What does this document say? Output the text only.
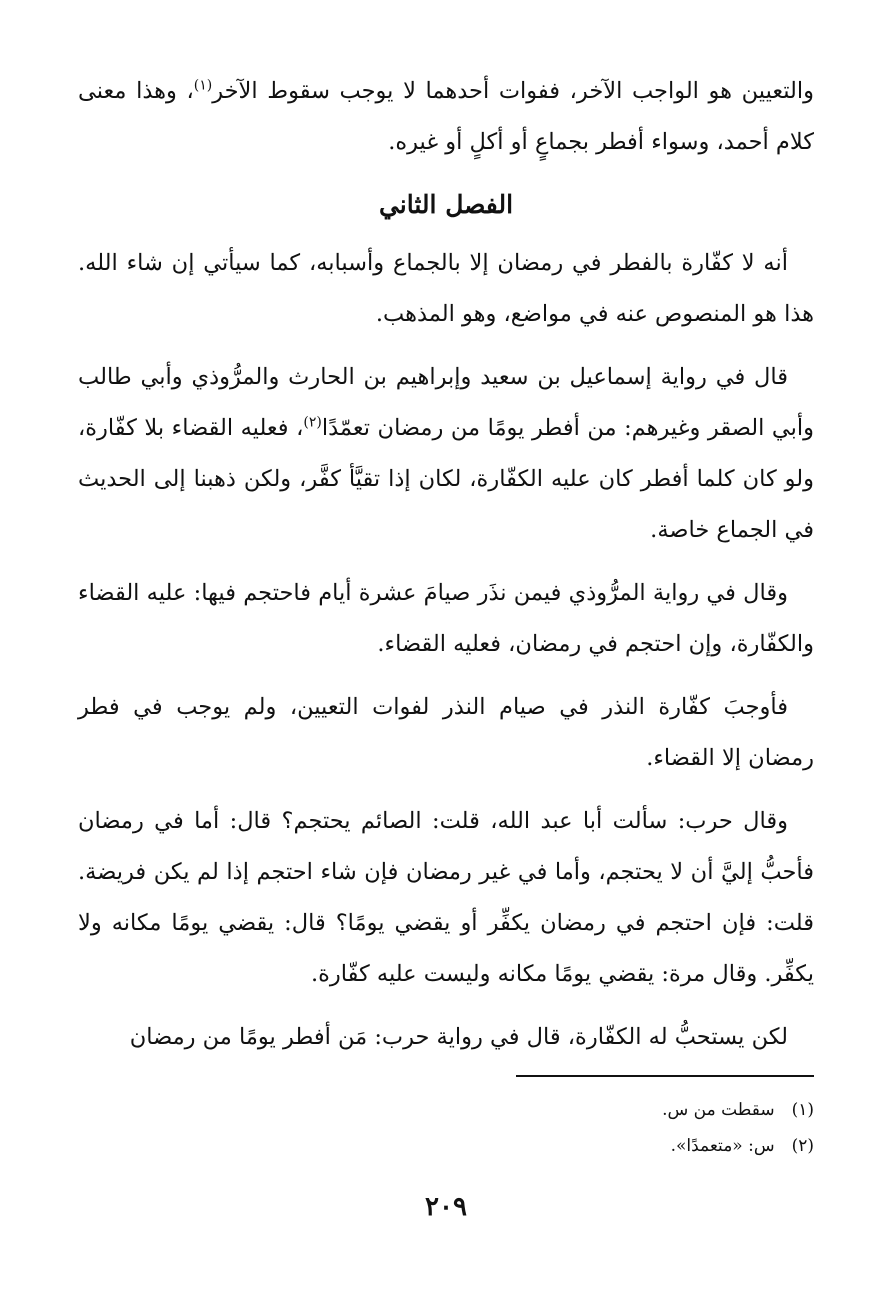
والتعيين هو الواجب الآخر، ففوات أحدهما لا يوجب سقوط الآخر$^{(١)}$، وهذا معنى كلام أحمد، وسواء أفطر بجماعٍ أو أكلٍ أو غيره.

الفصل الثاني

أنه لا كفّارة بالفطر في رمضان إلا بالجماع وأسبابه، كما سيأتي إن شاء الله. هذا هو المنصوص عنه في مواضع، وهو المذهب.

قال في رواية إسماعيل بن سعيد وإبراهيم بن الحارث والمرُّوذي وأبي طالب وأبي الصقر وغيرهم: من أفطر يومًا من رمضان تعمّدًا$^{(٢)}$، فعليه القضاء بلا كفّارة، ولو كان كلما أفطر كان عليه الكفّارة، لكان إذا تقيَّأ كفَّر، ولكن ذهبنا إلى الحديث في الجماع خاصة.

وقال في رواية المرُّوذي فيمن نذَر صيامَ عشرة أيام فاحتجم فيها: عليه القضاء والكفّارة، وإن احتجم في رمضان، فعليه القضاء.

فأوجبَ كفّارة النذر في صيام النذر لفوات التعيين، ولم يوجب في فطر رمضان إلا القضاء.

وقال حرب: سألت أبا عبد الله، قلت: الصائم يحتجم؟ قال: أما في رمضان فأحبُّ إليَّ أن لا يحتجم، وأما في غير رمضان فإن شاء احتجم إذا لم يكن فريضة. قلت: فإن احتجم في رمضان يكفِّر أو يقضي يومًا؟ قال: يقضي يومًا مكانه ولا يكفِّر. وقال مرة: يقضي يومًا مكانه وليست عليه كفّارة.

لكن يستحبُّ له الكفّارة، قال في رواية حرب: مَن أفطر يومًا من رمضان

(١) سقطت من س.
(٢) س: «متعمدًا».
٢٠٩
